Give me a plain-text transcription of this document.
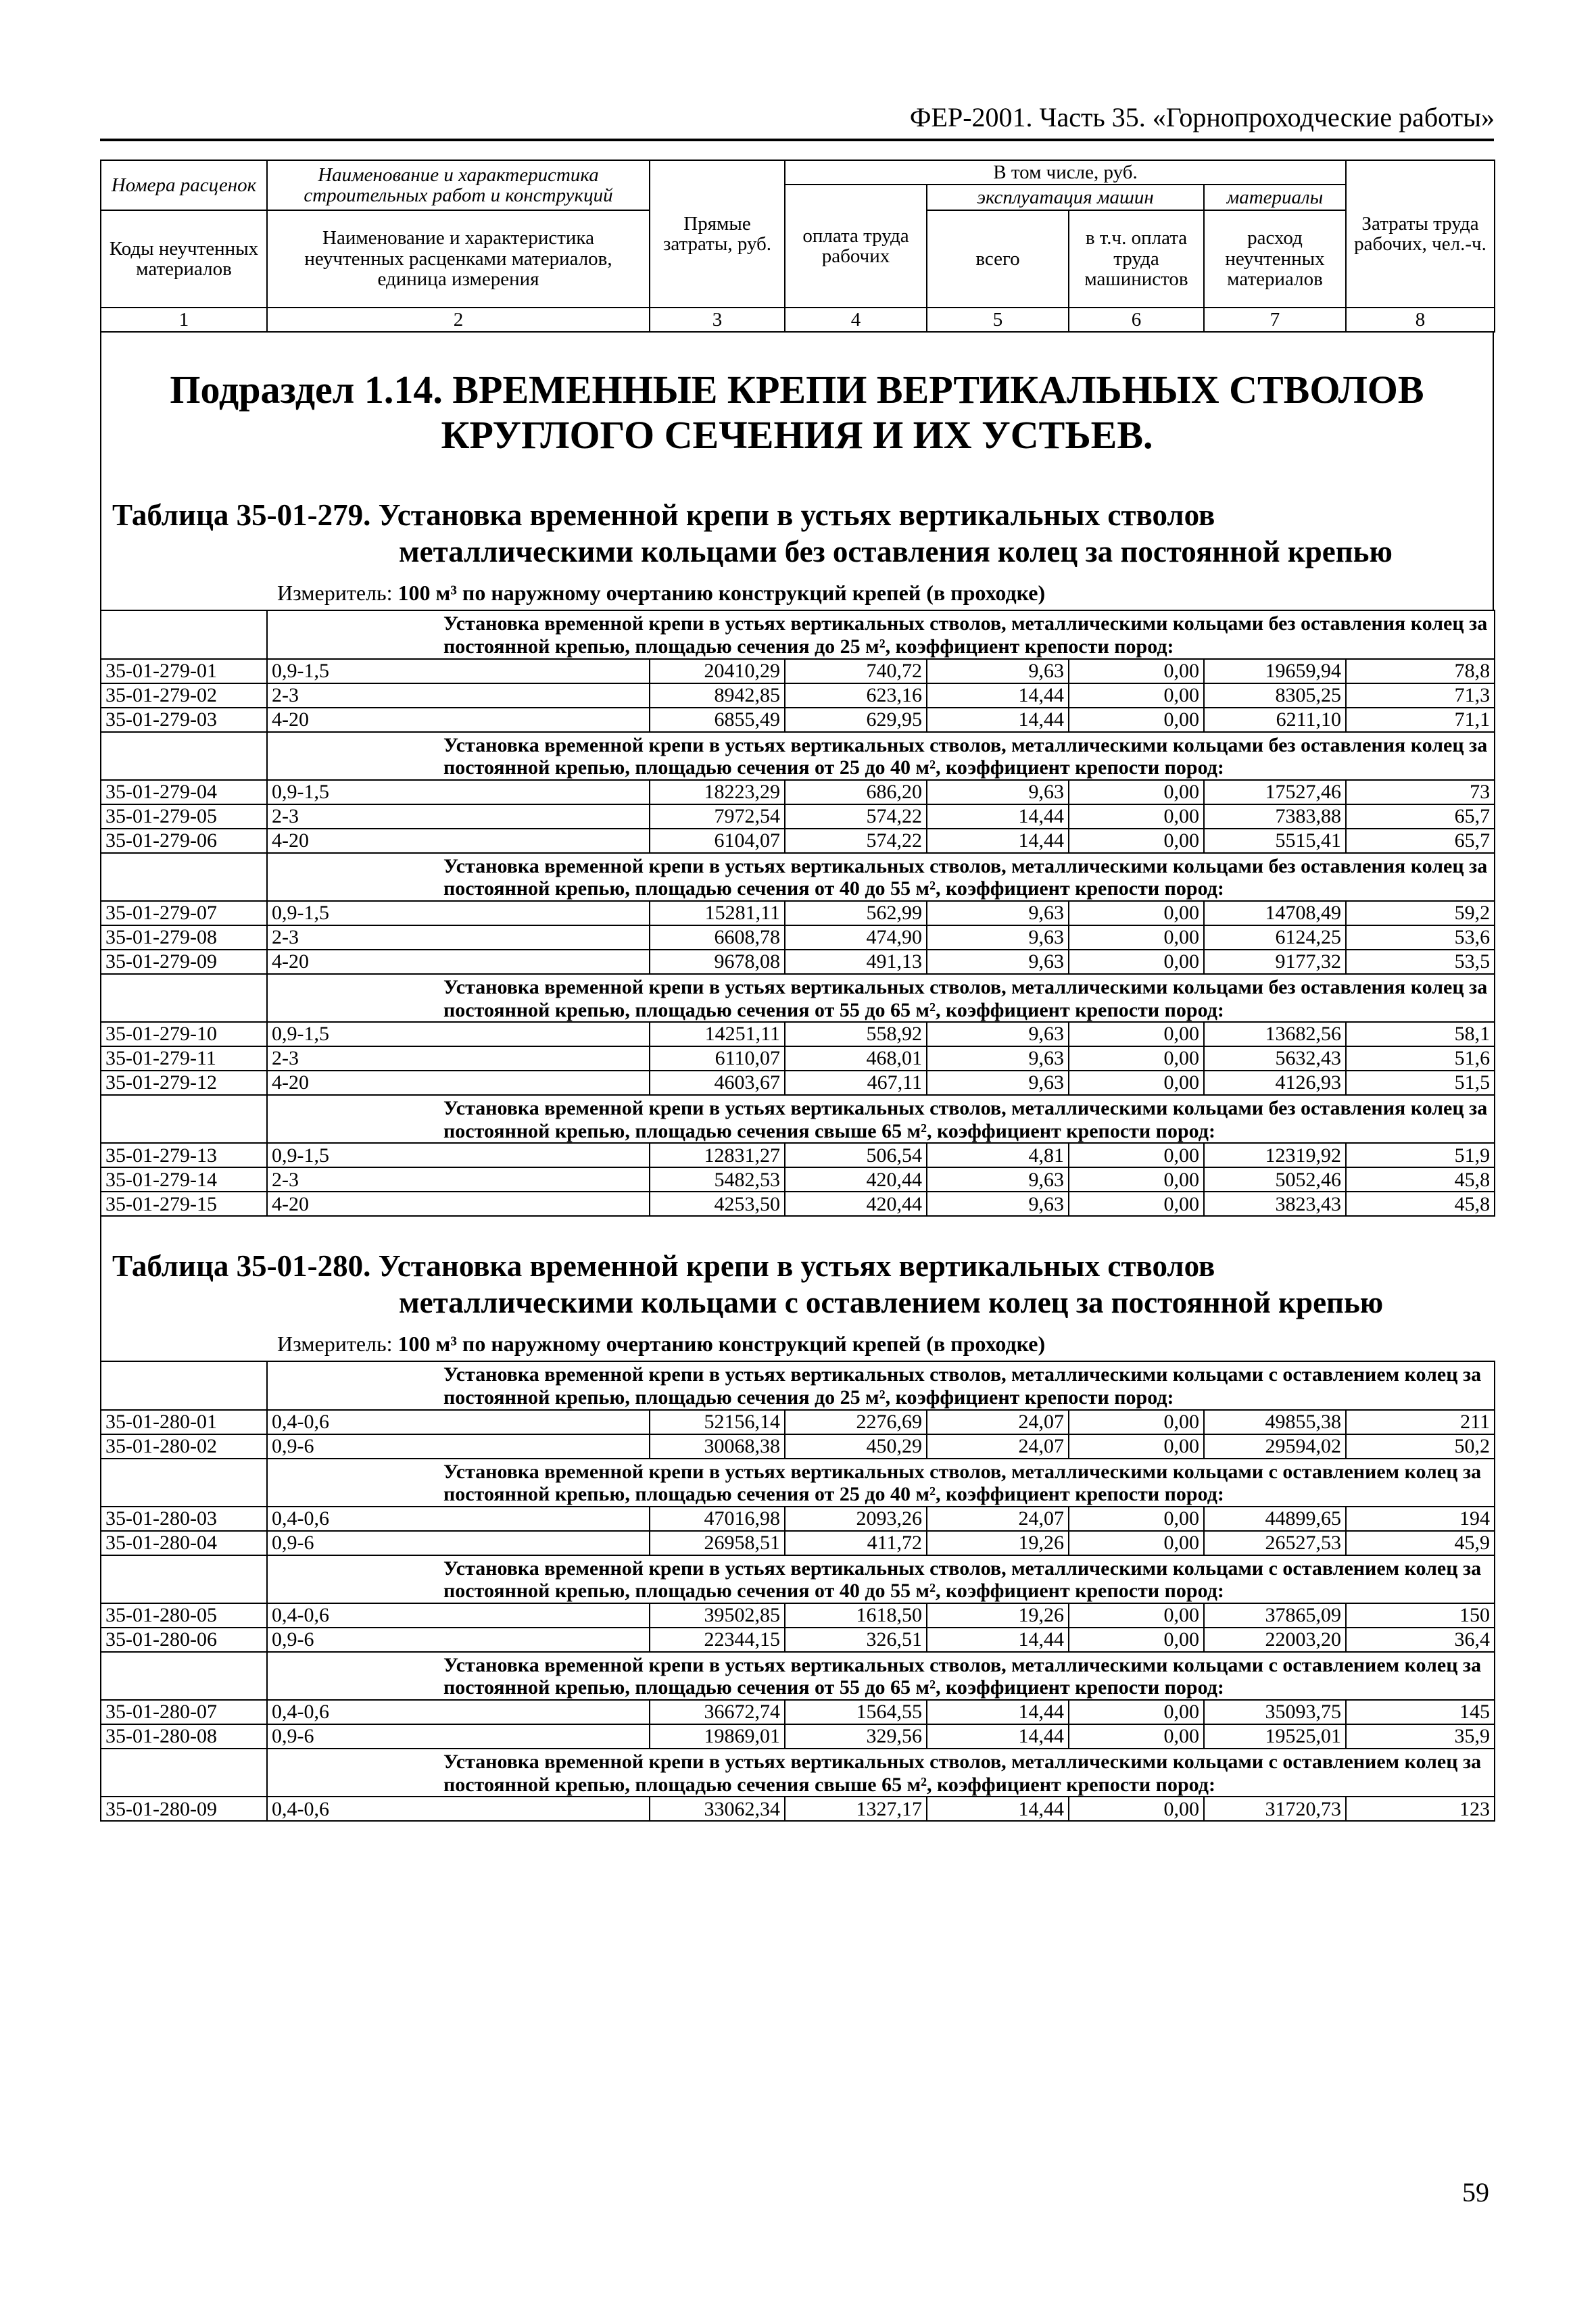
ФЕР-2001. Часть 35. «Горнопроходческие работы»
Номера расценок	Наименование и характеристика строительных работ и конструкций	Прямые затраты, руб.	В том числе, руб.				Затраты труда рабочих, чел.-ч.
			оплата труда рабочих	эксплуатация машин		материалы	
Коды неучтенных материалов	Наименование и характеристика неучтенных расценками материалов, единица измерения			всего	в т.ч. оплата труда машинистов	расход неучтенных материалов	
1	2	3	4	5	6	7	8
Подраздел 1.14. ВРЕМЕННЫЕ КРЕПИ ВЕРТИКАЛЬНЫХ СТВОЛОВ КРУГЛОГО СЕЧЕНИЯ И ИХ УСТЬЕВ.
Таблица 35-01-279. Установка временной крепи в устьях вертикальных стволов
металлическими кольцами без оставления колец за постоянной крепью
Измеритель: 100 м³ по наружному очертанию конструкций крепей (в проходке)
	Установка временной крепи в устьях вертикальных стволов, металлическими кольцами без оставления колец за постоянной крепью, площадью сечения до 25 м², коэффициент крепости пород:						
35-01-279-01	0,9-1,5	20410,29	740,72	9,63	0,00	19659,94	78,8
35-01-279-02	2-3	8942,85	623,16	14,44	0,00	8305,25	71,3
35-01-279-03	4-20	6855,49	629,95	14,44	0,00	6211,10	71,1
	Установка временной крепи в устьях вертикальных стволов, металлическими кольцами без оставления колец за постоянной крепью, площадью сечения от 25 до 40 м², коэффициент крепости пород:						
35-01-279-04	0,9-1,5	18223,29	686,20	9,63	0,00	17527,46	73
35-01-279-05	2-3	7972,54	574,22	14,44	0,00	7383,88	65,7
35-01-279-06	4-20	6104,07	574,22	14,44	0,00	5515,41	65,7
	Установка временной крепи в устьях вертикальных стволов, металлическими кольцами без оставления колец за постоянной крепью, площадью сечения от 40 до 55 м², коэффициент крепости пород:						
35-01-279-07	0,9-1,5	15281,11	562,99	9,63	0,00	14708,49	59,2
35-01-279-08	2-3	6608,78	474,90	9,63	0,00	6124,25	53,6
35-01-279-09	4-20	9678,08	491,13	9,63	0,00	9177,32	53,5
	Установка временной крепи в устьях вертикальных стволов, металлическими кольцами без оставления колец за постоянной крепью, площадью сечения от 55 до 65 м², коэффициент крепости пород:						
35-01-279-10	0,9-1,5	14251,11	558,92	9,63	0,00	13682,56	58,1
35-01-279-11	2-3	6110,07	468,01	9,63	0,00	5632,43	51,6
35-01-279-12	4-20	4603,67	467,11	9,63	0,00	4126,93	51,5
	Установка временной крепи в устьях вертикальных стволов, металлическими кольцами без оставления колец за постоянной крепью, площадью сечения свыше 65 м², коэффициент крепости пород:						
35-01-279-13	0,9-1,5	12831,27	506,54	4,81	0,00	12319,92	51,9
35-01-279-14	2-3	5482,53	420,44	9,63	0,00	5052,46	45,8
35-01-279-15	4-20	4253,50	420,44	9,63	0,00	3823,43	45,8
Таблица 35-01-280. Установка временной крепи в устьях вертикальных стволов
металлическими кольцами с оставлением колец за постоянной крепью
Измеритель: 100 м³ по наружному очертанию конструкций крепей (в проходке)
	Установка временной крепи в устьях вертикальных стволов, металлическими кольцами с оставлением колец за постоянной крепью, площадью сечения до 25 м², коэффициент крепости пород:						
35-01-280-01	0,4-0,6	52156,14	2276,69	24,07	0,00	49855,38	211
35-01-280-02	0,9-6	30068,38	450,29	24,07	0,00	29594,02	50,2
	Установка временной крепи в устьях вертикальных стволов, металлическими кольцами с оставлением колец за постоянной крепью, площадью сечения от 25 до 40 м², коэффициент крепости пород:						
35-01-280-03	0,4-0,6	47016,98	2093,26	24,07	0,00	44899,65	194
35-01-280-04	0,9-6	26958,51	411,72	19,26	0,00	26527,53	45,9
	Установка временной крепи в устьях вертикальных стволов, металлическими кольцами с оставлением колец за постоянной крепью, площадью сечения от 40 до 55 м², коэффициент крепости пород:						
35-01-280-05	0,4-0,6	39502,85	1618,50	19,26	0,00	37865,09	150
35-01-280-06	0,9-6	22344,15	326,51	14,44	0,00	22003,20	36,4
	Установка временной крепи в устьях вертикальных стволов, металлическими кольцами с оставлением колец за постоянной крепью, площадью сечения от 55 до 65 м², коэффициент крепости пород:						
35-01-280-07	0,4-0,6	36672,74	1564,55	14,44	0,00	35093,75	145
35-01-280-08	0,9-6	19869,01	329,56	14,44	0,00	19525,01	35,9
	Установка временной крепи в устьях вертикальных стволов, металлическими кольцами с оставлением колец за постоянной крепью, площадью сечения свыше 65 м², коэффициент крепости пород:						
35-01-280-09	0,4-0,6	33062,34	1327,17	14,44	0,00	31720,73	123
59
